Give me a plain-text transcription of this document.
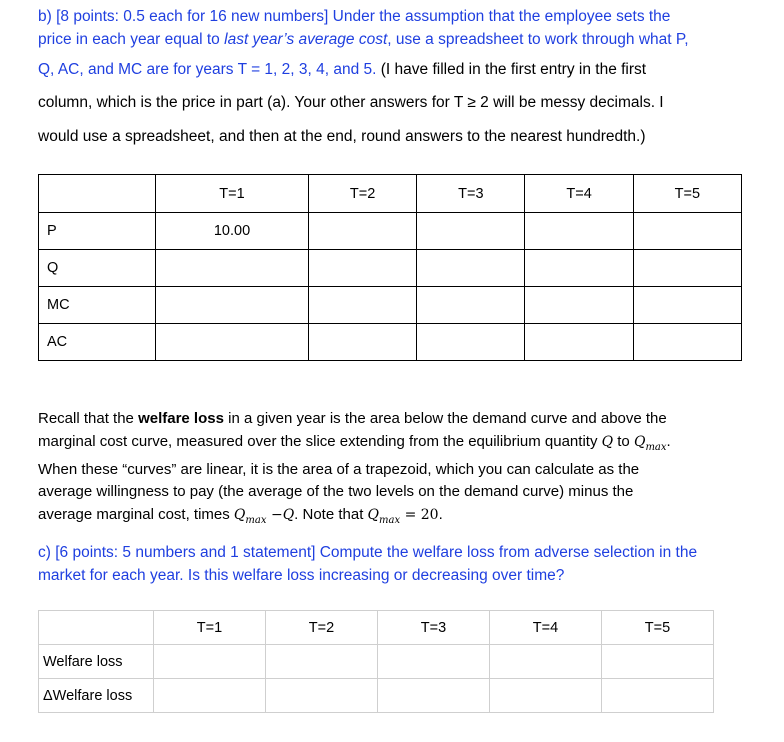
b) [8 points: 0.5 each for 16 new numbers] Under the assumption that the employee sets the
price in each year equal to last year’s average cost, use a spreadsheet to work through what P,
Q, AC, and MC are for years T = 1, 2, 3, 4, and 5. (I have filled in the first entry in the first
column, which is the price in part (a). Your other answers for T ≥ 2 will be messy decimals. I
would use a spreadsheet, and then at the end, round answers to the nearest hundredth.)
	T=1	T=2	T=3	T=4	T=5
P	10.00				
Q					
MC					
AC					
Recall that the welfare loss in a given year is the area below the demand curve and above the
marginal cost curve, measured over the slice extending from the equilibrium quantity Q to $Q_{max}$.
When these “curves” are linear, it is the area of a trapezoid, which you can calculate as the
average willingness to pay (the average of the two levels on the demand curve) minus the
average marginal cost, times $Q_{max} -Q$. Note that $Q_{max} = 20$.
c) [6 points: 5 numbers and 1 statement] Compute the welfare loss from adverse selection in the
market for each year. Is this welfare loss increasing or decreasing over time?
	T=1	T=2	T=3	T=4	T=5
Welfare loss					
ΔWelfare loss					
